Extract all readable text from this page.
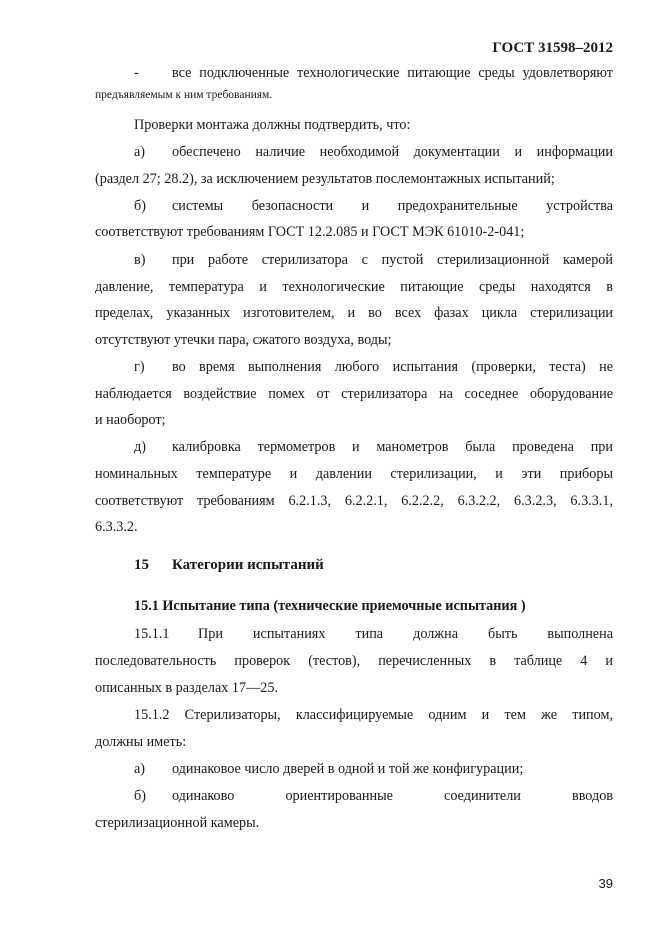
ГОСТ 31598–2012
- все подключенные технологические питающие среды удовлетворяют
предъявляемым к ним требованиям.
Проверки монтажа должны подтвердить, что:
а) обеспечено наличие необходимой документации и информации
(раздел 27; 28.2), за исключением результатов послемонтажных испытаний;
б) системы безопасности и предохранительные устройства
соответствуют требованиям ГОСТ 12.2.085 и ГОСТ МЭК 61010-2-041;
в) при работе стерилизатора с пустой стерилизационной камерой
давление, температура и технологические питающие среды находятся в
пределах, указанных изготовителем, и во всех фазах цикла стерилизации
отсутствуют утечки пара, сжатого воздуха, воды;
г) во время выполнения любого испытания (проверки, теста) не
наблюдается воздействие помех от стерилизатора на соседнее оборудование
и наоборот;
д) калибровка термометров и манометров была проведена при
номинальных температуре и давлении стерилизации, и эти приборы
соответствуют требованиям 6.2.1.3, 6.2.2.1, 6.2.2.2, 6.3.2.2, 6.3.2.3, 6.3.3.1,
6.3.3.2.
15 Категории испытаний
15.1 Испытание типа (технические приемочные испытания )
15.1.1 При испытаниях типа должна быть выполнена
последовательность проверок (тестов), перечисленных в таблице 4 и
описанных в разделах 17—25.
15.1.2 Стерилизаторы, классифицируемые одним и тем же типом,
должны иметь:
а) одинаковое число дверей в одной и той же конфигурации;
б) одинаково ориентированные соединители вводов
стерилизационной камеры.
39
